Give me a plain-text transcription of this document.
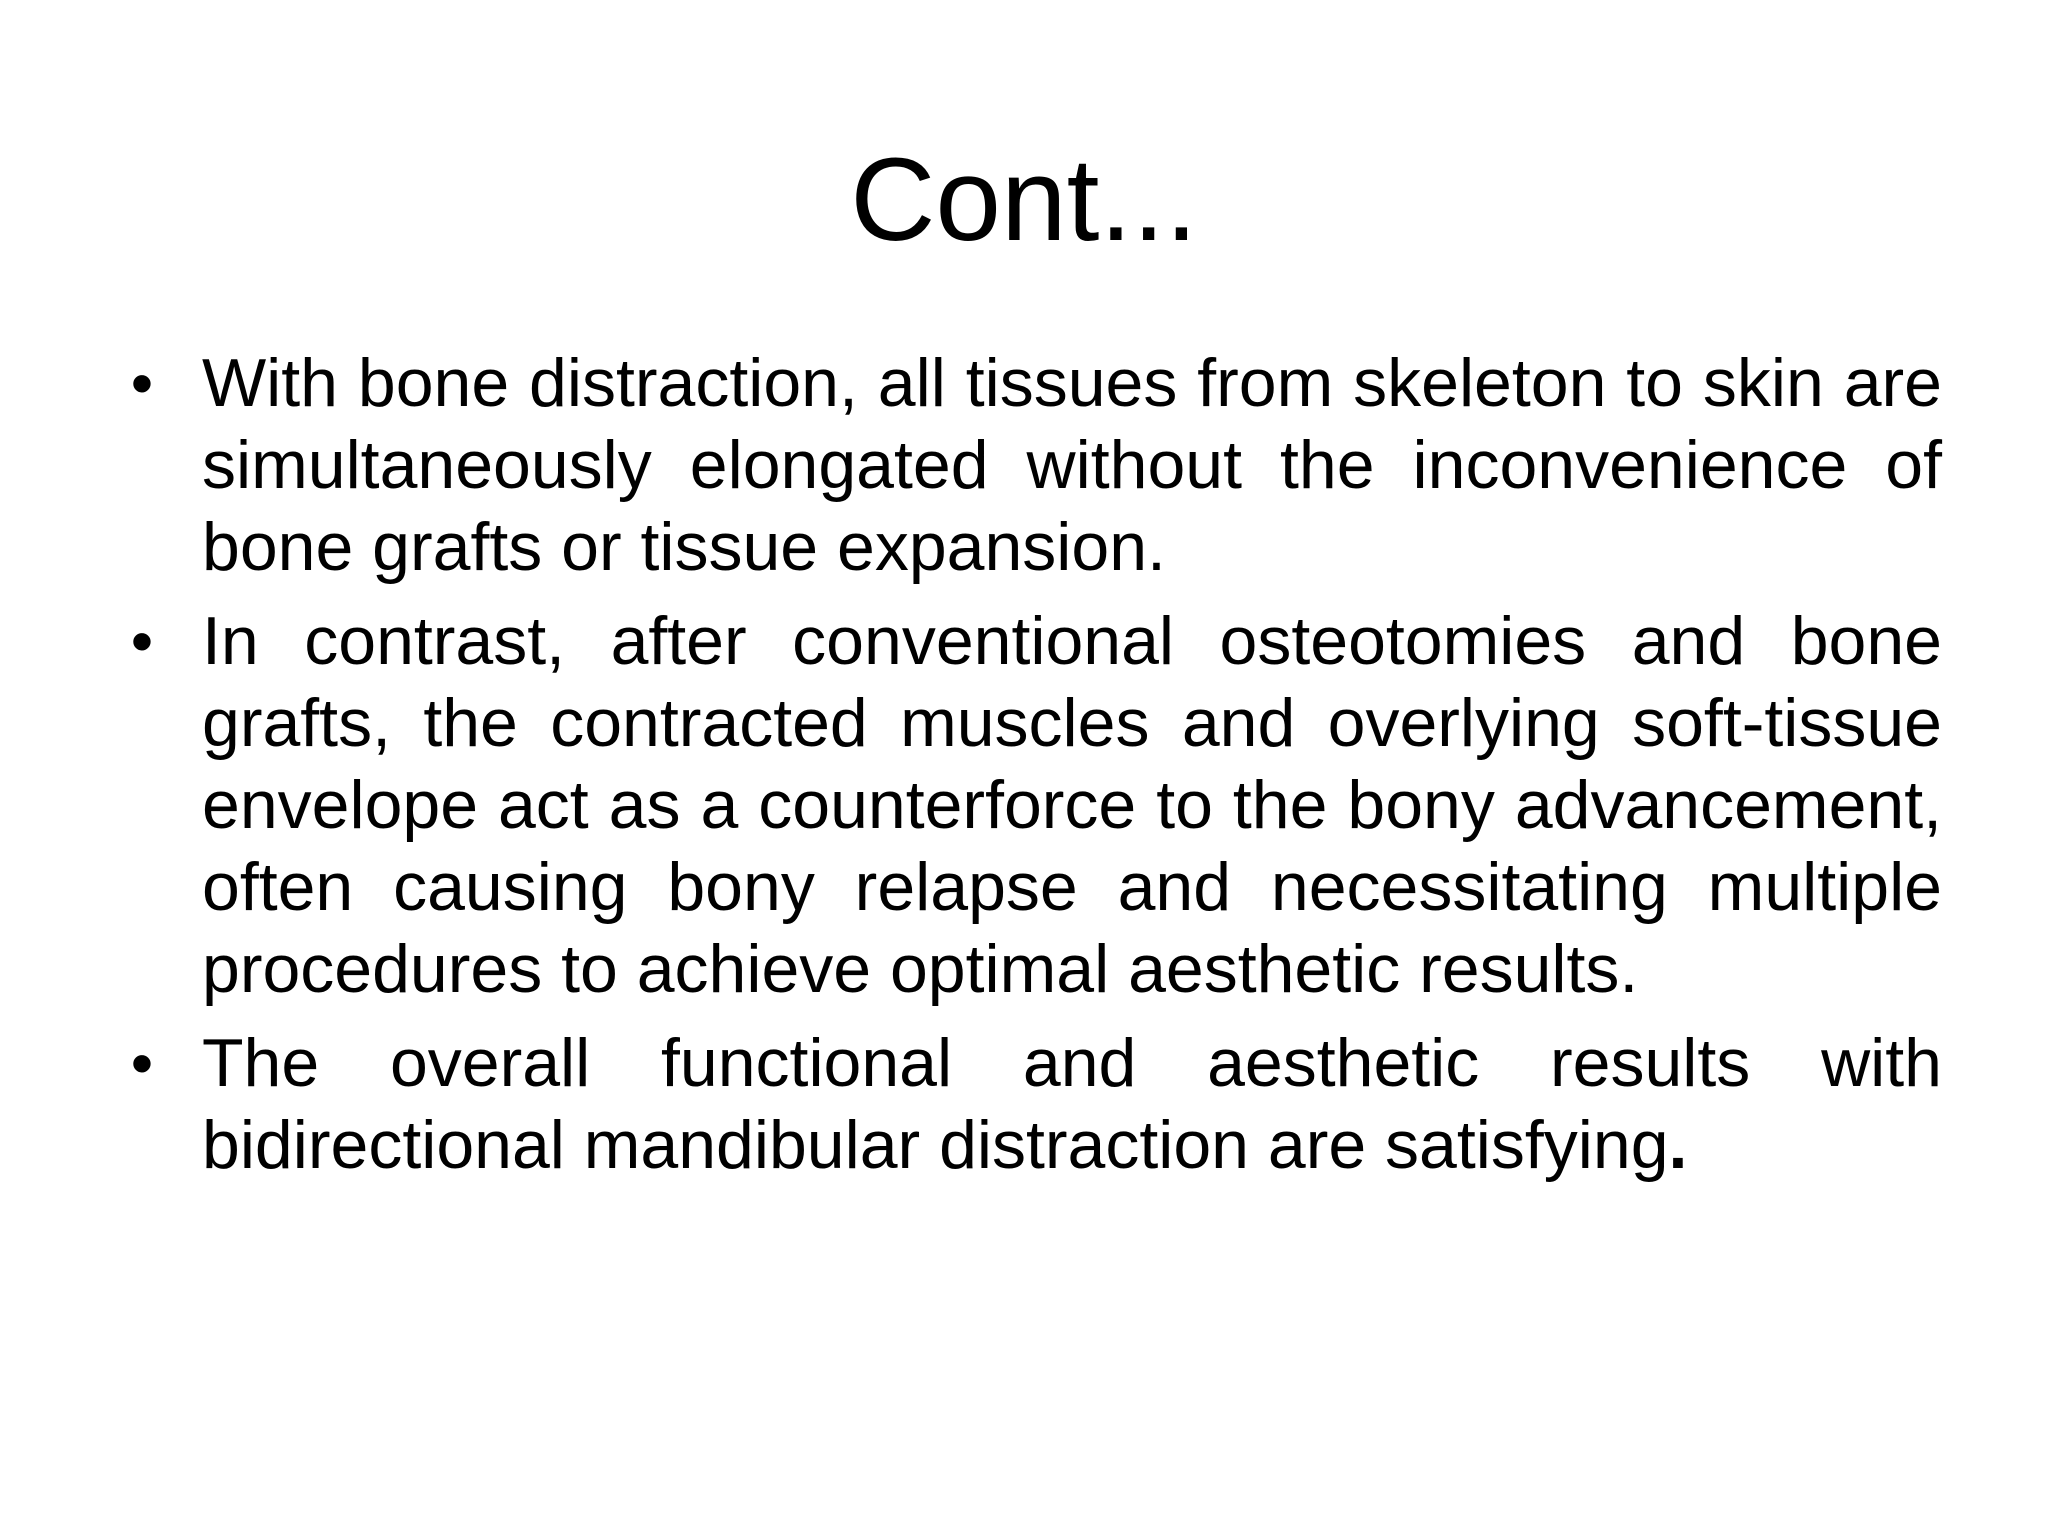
Cont...
• With bone distraction, all tissues from skeleton to skin are simultaneously elongated without the inconvenience of bone grafts or tissue expansion.
• In contrast, after conventional osteotomies and bone grafts, the contracted muscles and overlying soft-tissue envelope act as a counterforce to the bony advancement, often causing bony relapse and necessitating multiple procedures to achieve optimal aesthetic results.
• The overall functional and aesthetic results with bidirectional mandibular distraction are satisfying.
